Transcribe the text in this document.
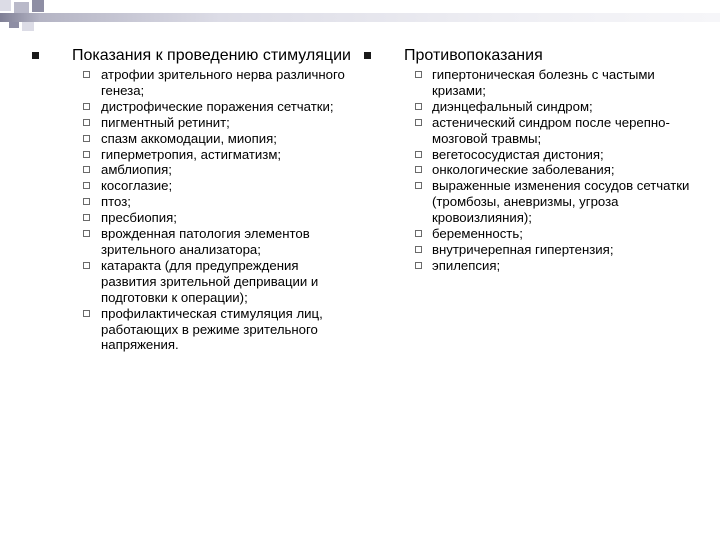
Показания к проведению стимуляции
атрофии зрительного нерва различного генеза;
дистрофические поражения сетчатки;
пигментный ретинит;
спазм аккомодации, миопия;
гиперметропия, астигматизм;
амблиопия;
косоглазие;
птоз;
пресбиопия;
врожденная патология элементов зрительного анализатора;
катаракта (для предупреждения развития зрительной депривации и подготовки к операции);
профилактическая стимуляция лиц, работающих в режиме зрительного напряжения.
Противопоказания
гипертоническая болезнь с частыми кризами;
диэнцефальный синдром;
астенический синдром после черепно-мозговой травмы;
вегетососудистая дистония;
онкологические заболевания;
выраженные изменения сосудов сетчатки (тромбозы, аневризмы, угроза кровоизлияния);
беременность;
внутричерепная гипертензия;
эпилепсия;
